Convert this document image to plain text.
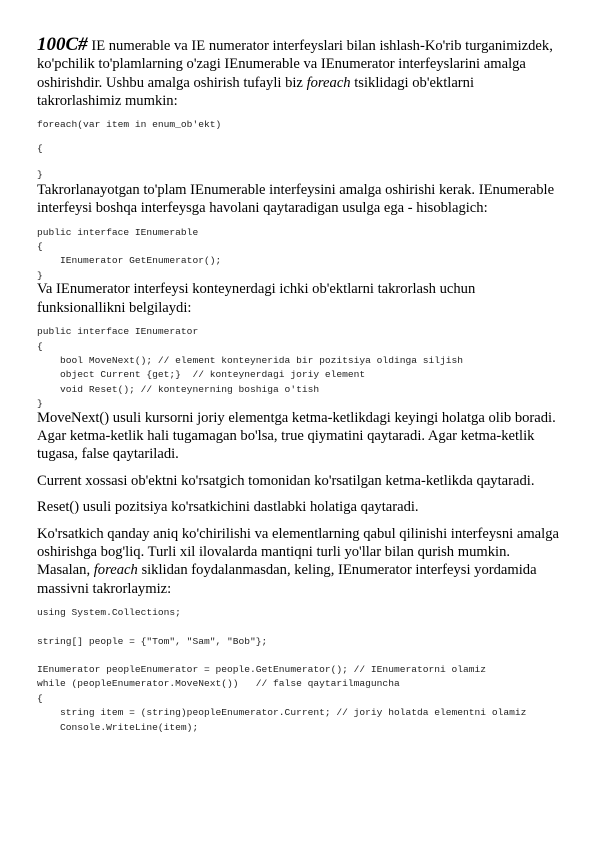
100C# IE numerable va IE numerator interfeyslari bilan ishlash-Ko'rib turganimizdek, ko'pchilik to'plamlarning o'zagi IEnumerable va IEnumerator interfeyslarini amalga oshirishdir. Ushbu amalga oshirish tufayli biz foreach tsiklidagi ob'ektlarni takrorlashimiz mumkin:

foreach(var item in enum_ob'ekt)
{
}

Takrorlanayotgan to'plam IEnumerable interfeysini amalga oshirishi kerak. IEnumerable interfeysi boshqa interfeysga havolani qaytaradigan usulga ega - hisoblagich:

public interface IEnumerable
{
IEnumerator GetEnumerator();
}

Va IEnumerator interfeysi konteynerdagi ichki ob'ektlarni takrorlash uchun funksionallikni belgilaydi:

public interface IEnumerator
{
bool MoveNext(); // element konteynerida bir pozitsiya oldinga siljish
object Current {get;}  // konteynerdagi joriy element
void Reset(); // konteynerning boshiga o'tish
}

MoveNext() usuli kursorni joriy elementga ketma-ketlikdagi keyingi holatga olib boradi. Agar ketma-ketlik hali tugamagan bo'lsa, true qiymatini qaytaradi. Agar ketma-ketlik tugasa, false qaytariladi.

Current xossasi ob'ektni ko'rsatgich tomonidan ko'rsatilgan ketma-ketlikda qaytaradi.

Reset() usuli pozitsiya ko'rsatkichini dastlabki holatiga qaytaradi.

Ko'rsatkich qanday aniq ko'chirilishi va elementlarning qabul qilinishi interfeysni amalga oshirishga bog'liq. Turli xil ilovalarda mantiqni turli yo'llar bilan qurish mumkin. Masalan, foreach siklidan foydalanmasdan, keling, IEnumerator interfeysi yordamida massivni takrorlaymiz:

using System.Collections;
string[] people = {"Tom", "Sam", "Bob"};
IEnumerator peopleEnumerator = people.GetEnumerator(); // IEnumeratorni olamiz
while (peopleEnumerator.MoveNext())   // false qaytarilmaguncha
{
string item = (string)peopleEnumerator.Current; // joriy holatda elementni olamiz
Console.WriteLine(item);
